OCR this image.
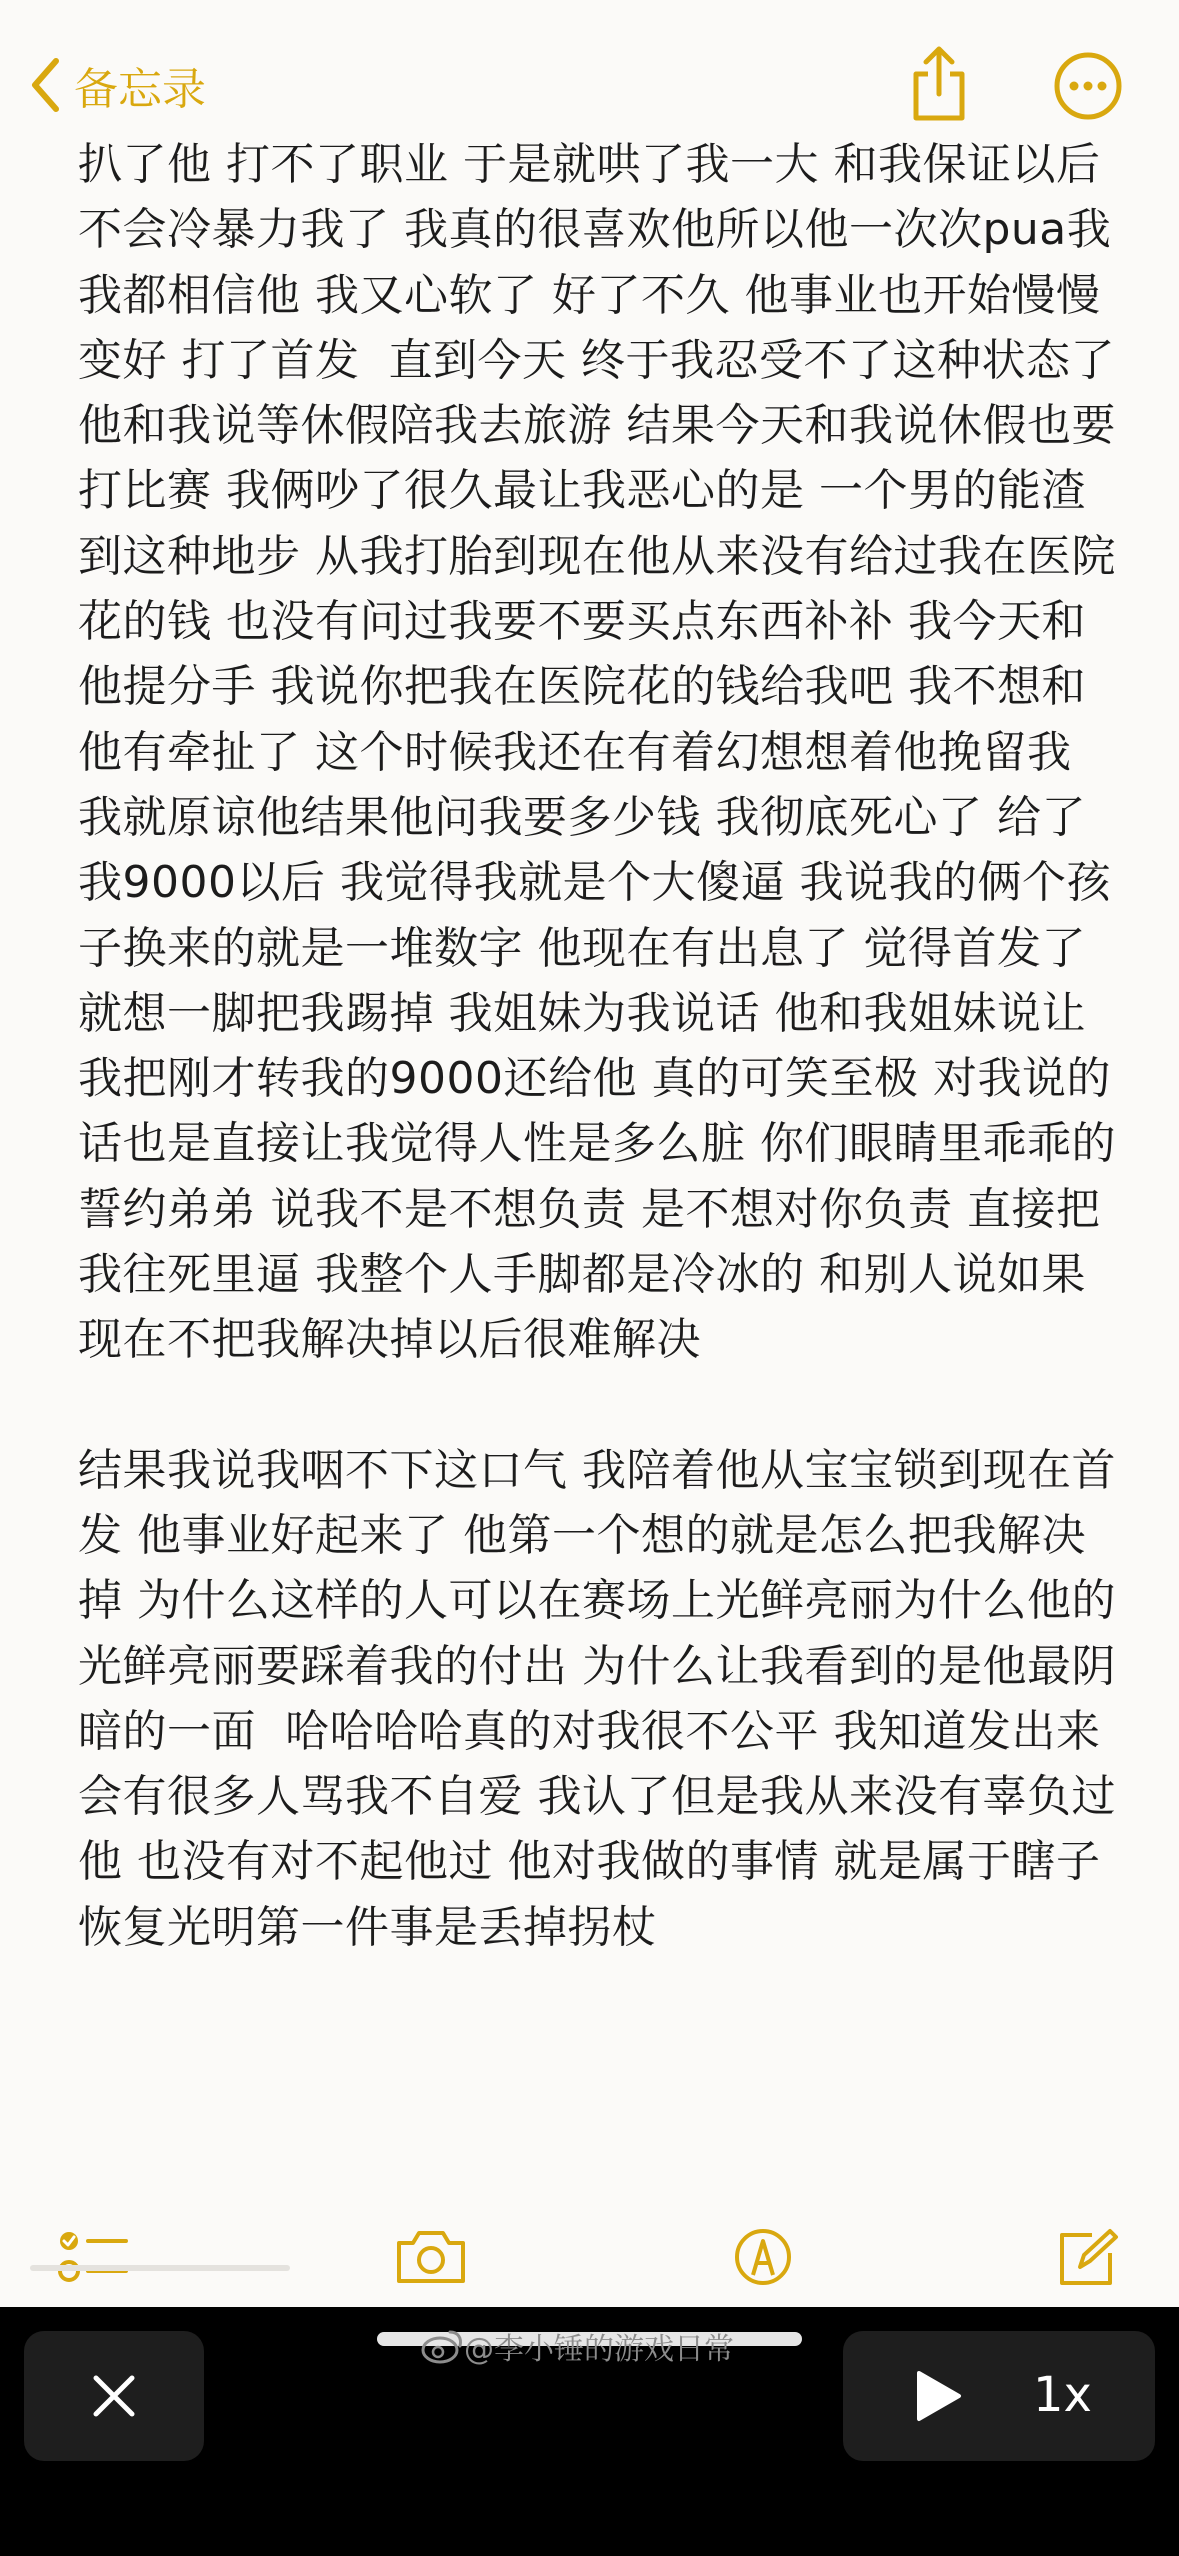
备忘录

扒了他 打不了职业 于是就哄了我一大 和我保证以后不会冷暴力我了 我真的很喜欢他所以他一次次pua我 我都相信他 我又心软了 好了不久 他事业也开始慢慢变好 打了首发  直到今天 终于我忍受不了这种状态了 他和我说等休假陪我去旅游 结果今天和我说休假也要打比赛 我俩吵了很久最让我恶心的是 一个男的能渣到这种地步 从我打胎到现在他从来没有给过我在医院花的钱 也没有问过我要不要买点东西补补 我今天和他提分手 我说你把我在医院花的钱给我吧 我不想和他有牵扯了 这个时候我还在有着幻想想着他挽留我 我就原谅他结果他问我要多少钱 我彻底死心了 给了我9000以后 我觉得我就是个大傻逼 我说我的俩个孩子换来的就是一堆数字 他现在有出息了 觉得首发了就想一脚把我踢掉 我姐妹为我说话 他和我姐妹说让我把刚才转我的9000还给他 真的可笑至极 对我说的话也是直接让我觉得人性是多么脏 你们眼睛里乖乖的誓约弟弟 说我不是不想负责 是不想对你负责 直接把我往死里逼 我整个人手脚都是冷冰的 和别人说如果现在不把我解决掉以后很难解决

结果我说我咽不下这口气 我陪着他从宝宝锁到现在首发 他事业好起来了 他第一个想的就是怎么把我解决掉 为什么这样的人可以在赛场上光鲜亮丽为什么他的光鲜亮丽要踩着我的付出 为什么让我看到的是他最阴暗的一面  哈哈哈哈真的对我很不公平 我知道发出来会有很多人骂我不自爱 我认了但是我从来没有辜负过他 也没有对不起他过 他对我做的事情 就是属于瞎子恢复光明第一件事是丢掉拐杖

1x
@李小锤的游戏日常
